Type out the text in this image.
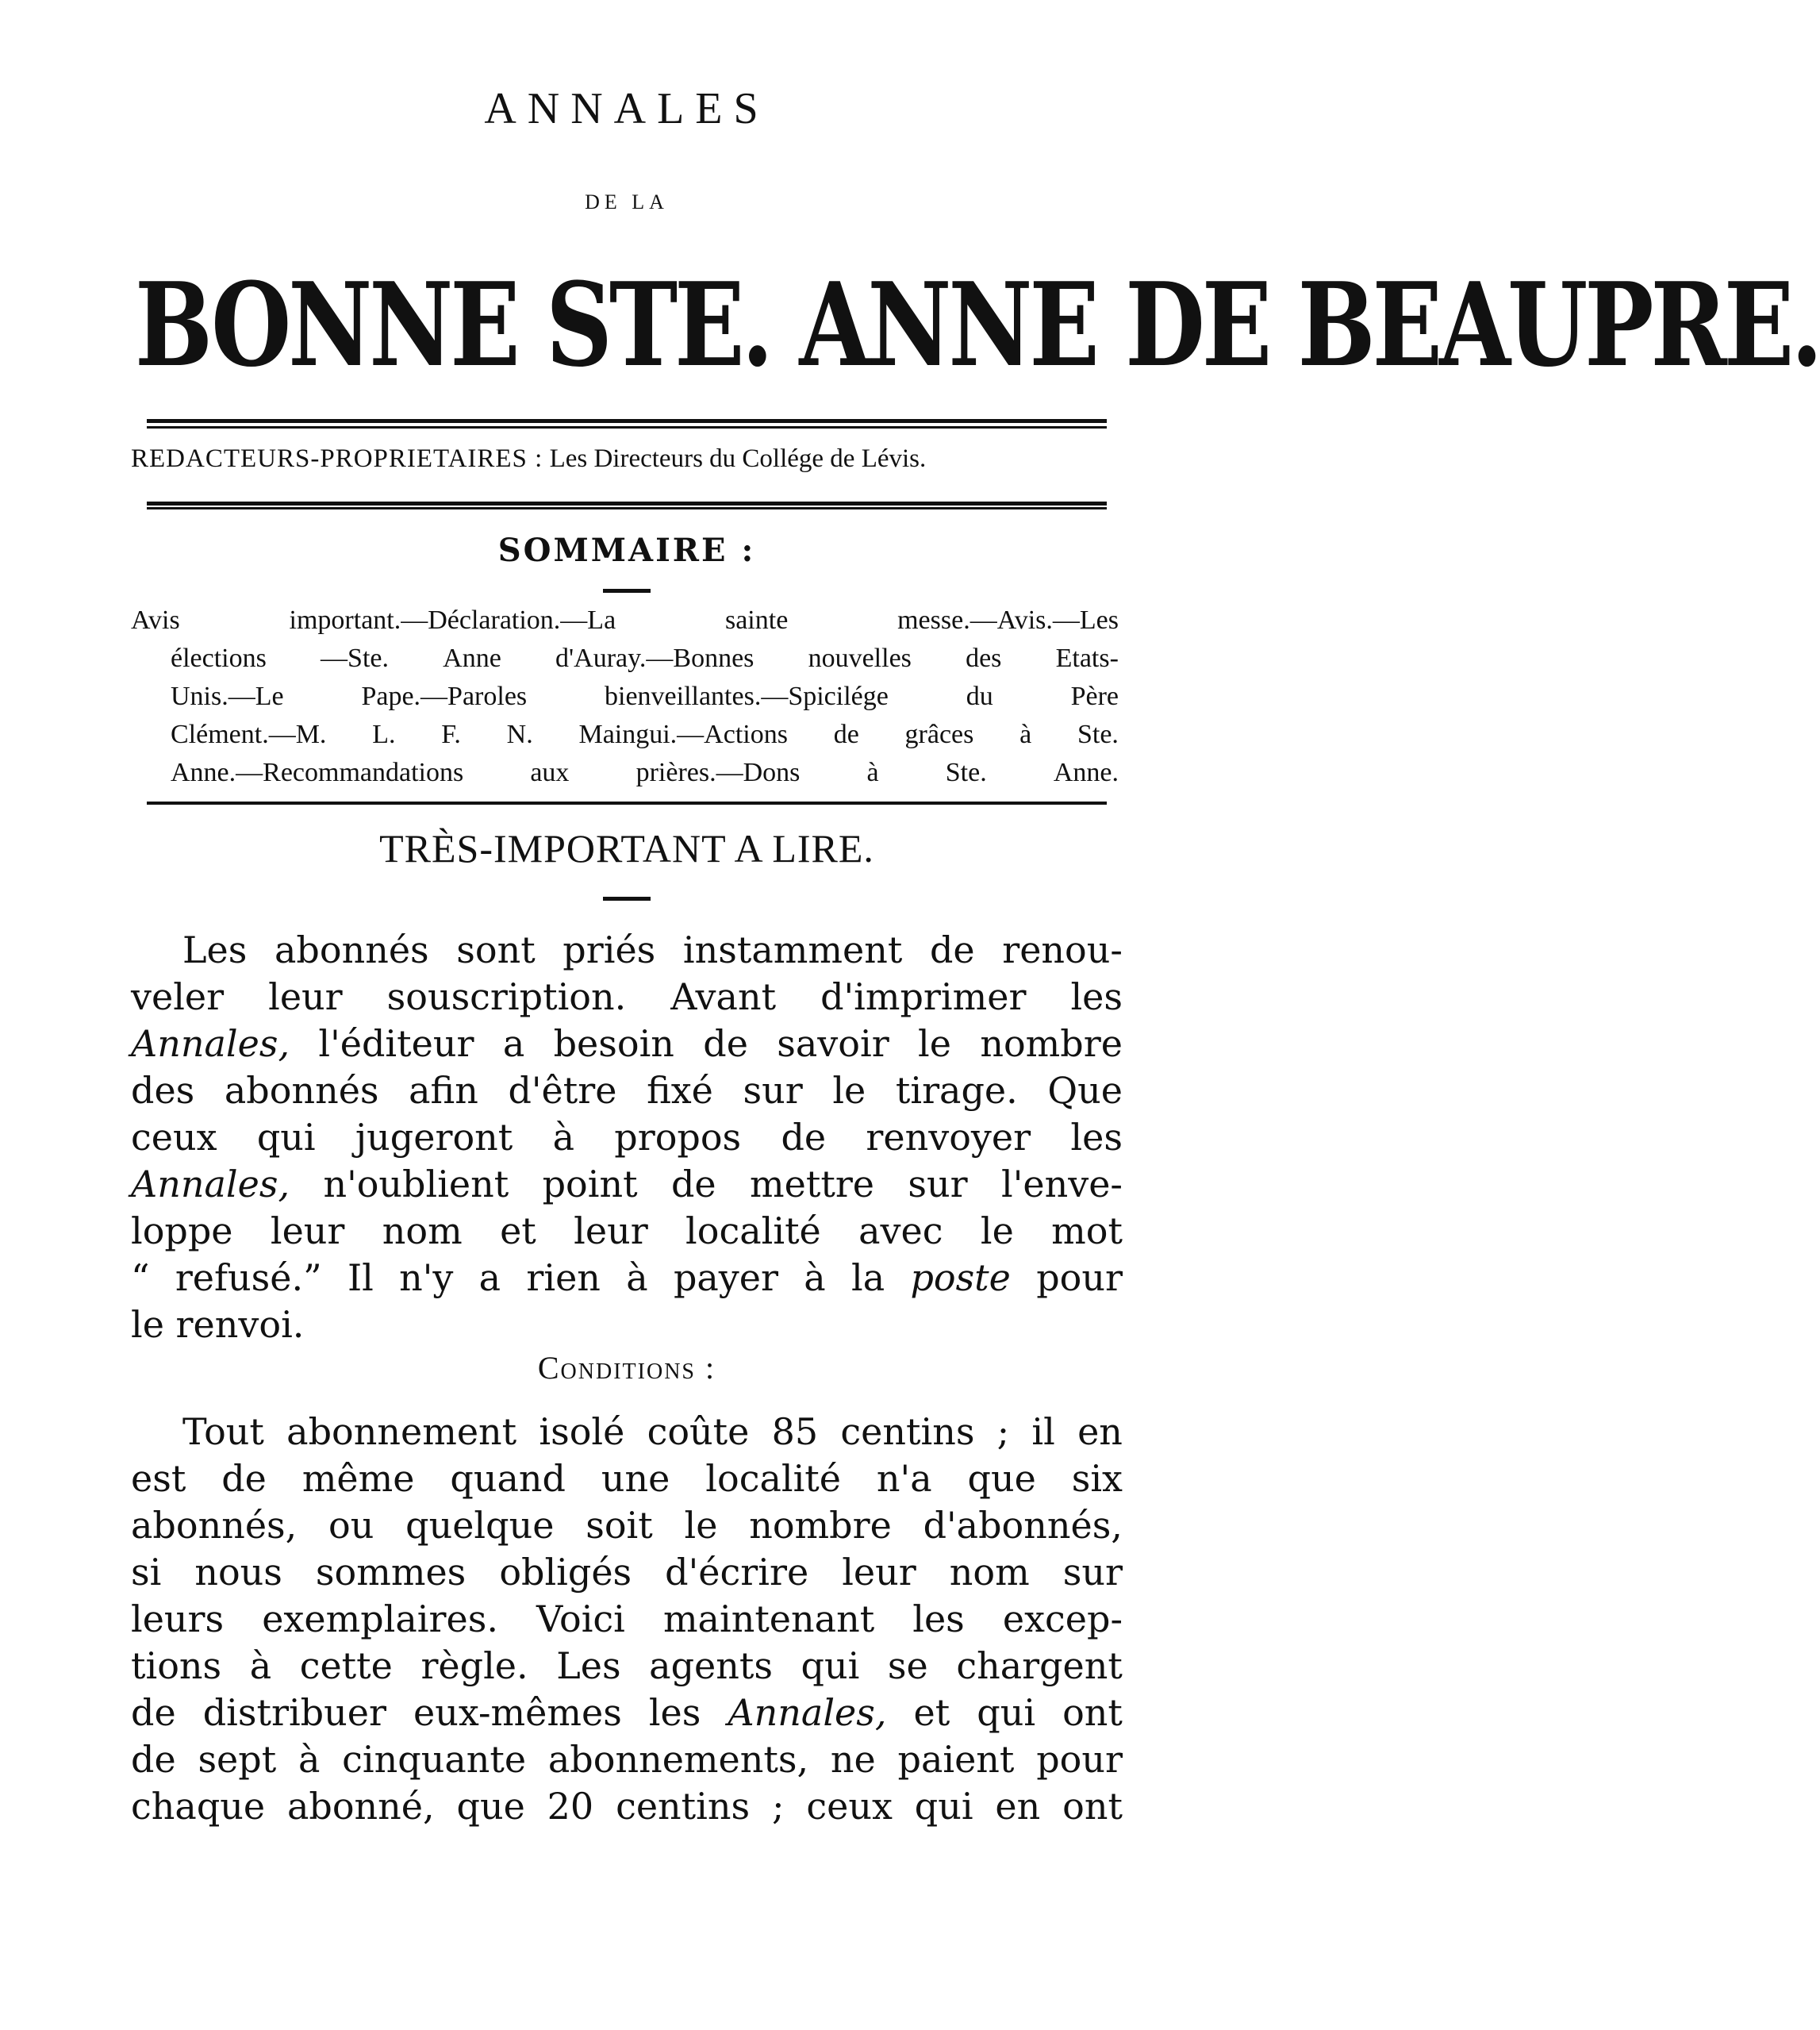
ANNALES
DE LA
BONNE STE. ANNE DE BEAUPRE.
REDACTEURS-PROPRIETAIRES : Les Directeurs du Collége de Lévis.
SOMMAIRE :
Avis	important.—Déclaration.—La	sainte	messe.—Avis.—Les
élections —Ste. Anne d'Auray.—Bonnes nouvelles des Etats-
Unis.—Le	Pape.—Paroles	bienveillantes.—Spicilége	du	Père
Clément.—M. L. F. N. Maingui.—Actions de grâces à Ste.
Anne.—Recommandations aux prières.—Dons à Ste. Anne.
TRÈS-IMPORTANT A LIRE.
Les abonnés sont priés instamment de renou-
veler leur souscription. Avant d'imprimer les
Annales, l'éditeur a besoin de savoir le nombre
des abonnés afin d'être fixé sur le tirage. Que
ceux qui jugeront à propos de renvoyer les
Annales, n'oublient point de mettre sur l'enve-
loppe leur nom et leur localité avec le mot
“ refusé.” Il n'y a rien à payer à la poste pour
le renvoi.
Conditions :
Tout abonnement isolé coûte 85 centins ; il en
est de même quand une localité n'a que six
abonnés, ou quelque soit le nombre d'abonnés,
si nous sommes obligés d'écrire leur nom sur
leurs exemplaires. Voici maintenant les excep-
tions à cette règle. Les agents qui se chargent
de distribuer eux-mêmes les Annales, et qui ont
de sept à cinquante abonnements, ne paient pour
chaque abonné, que 20 centins ; ceux qui en ont
